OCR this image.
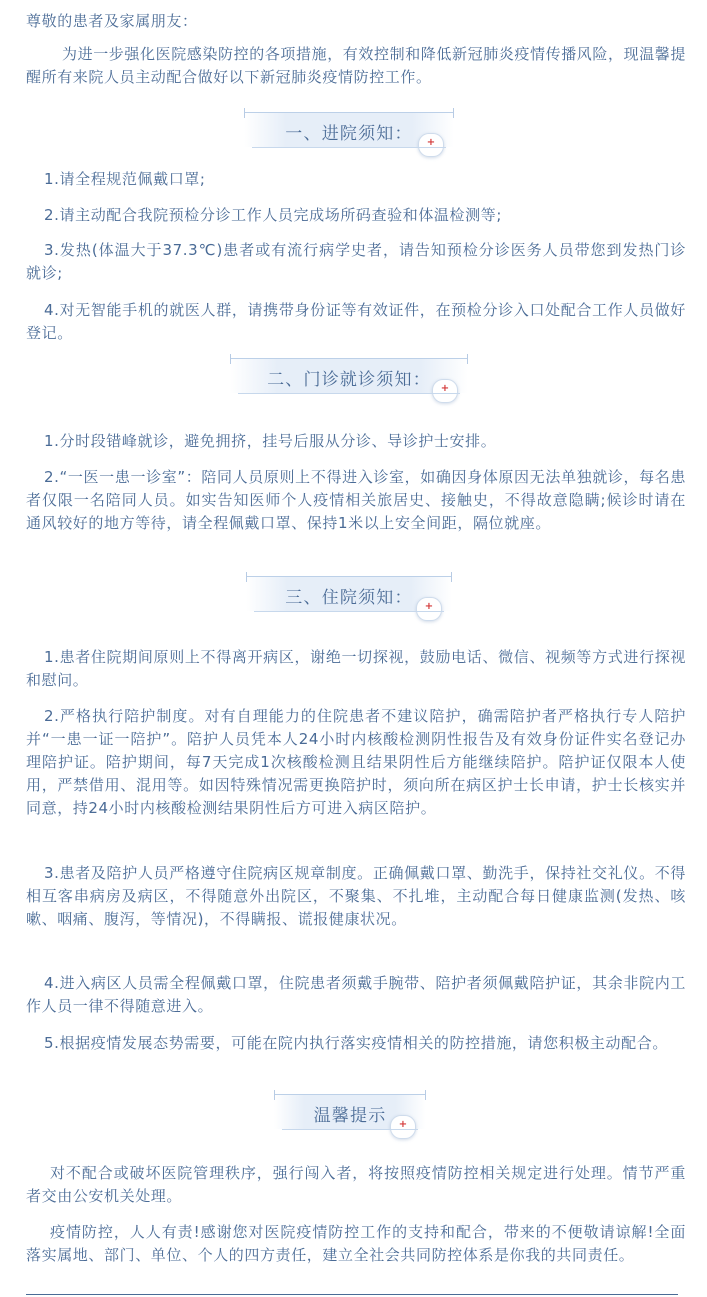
尊敬的患者及家属朋友：

为进一步强化医院感染防控的各项措施，有效控制和降低新冠肺炎疫情传播风险，现温馨提醒所有来院人员主动配合做好以下新冠肺炎疫情防控工作。

一、进院须知：	+

1.请全程规范佩戴口罩;

2.请主动配合我院预检分诊工作人员完成场所码查验和体温检测等;

3.发热(体温大于37.3℃)患者或有流行病学史者，请告知预检分诊医务人员带您到发热门诊就诊;

4.对无智能手机的就医人群，请携带身份证等有效证件，在预检分诊入口处配合工作人员做好登记。

二、门诊就诊须知： +

1.分时段错峰就诊，避免拥挤，挂号后服从分诊、导诊护士安排。

2.“一医一患一诊室”：陪同人员原则上不得进入诊室，如确因身体原因无法单独就诊，每名患者仅限一名陪同人员。如实告知医师个人疫情相关旅居史、接触史，不得故意隐瞒;候诊时请在通风较好的地方等待，请全程佩戴口罩、保持1米以上安全间距，隔位就座。

三、住院须知：	+

1.患者住院期间原则上不得离开病区，谢绝一切探视，鼓励电话、微信、视频等方式进行探视和慰问。

2.严格执行陪护制度。对有自理能力的住院患者不建议陪护，确需陪护者严格执行专人陪护并“一患一证一陪护”。陪护人员凭本人24小时内核酸检测阴性报告及有效身份证件实名登记办理陪护证。陪护期间，每7天完成1次核酸检测且结果阴性后方能继续陪护。陪护证仅限本人使用，严禁借用、混用等。如因特殊情况需更换陪护时，须向所在病区护士长申请，护士长核实并同意，持24小时内核酸检测结果阴性后方可进入病区陪护。

3.患者及陪护人员严格遵守住院病区规章制度。正确佩戴口罩、勤洗手，保持社交礼仪。不得相互客串病房及病区，不得随意外出院区，不聚集、不扎堆，主动配合每日健康监测(发热、咳嗽、咽痛、腹泻，等情况)，不得瞒报、谎报健康状况。

4.进入病区人员需全程佩戴口罩，住院患者须戴手腕带、陪护者须佩戴陪护证，其余非院内工作人员一律不得随意进入。

5.根据疫情发展态势需要，可能在院内执行落实疫情相关的防控措施，请您积极主动配合。

温馨提示	+

对不配合或破坏医院管理秩序，强行闯入者，将按照疫情防控相关规定进行处理。情节严重者交由公安机关处理。

疫情防控，人人有责!感谢您对医院疫情防控工作的支持和配合，带来的不便敬请谅解!全面落实属地、部门、单位、个人的四方责任，建立全社会共同防控体系是你我的共同责任。
